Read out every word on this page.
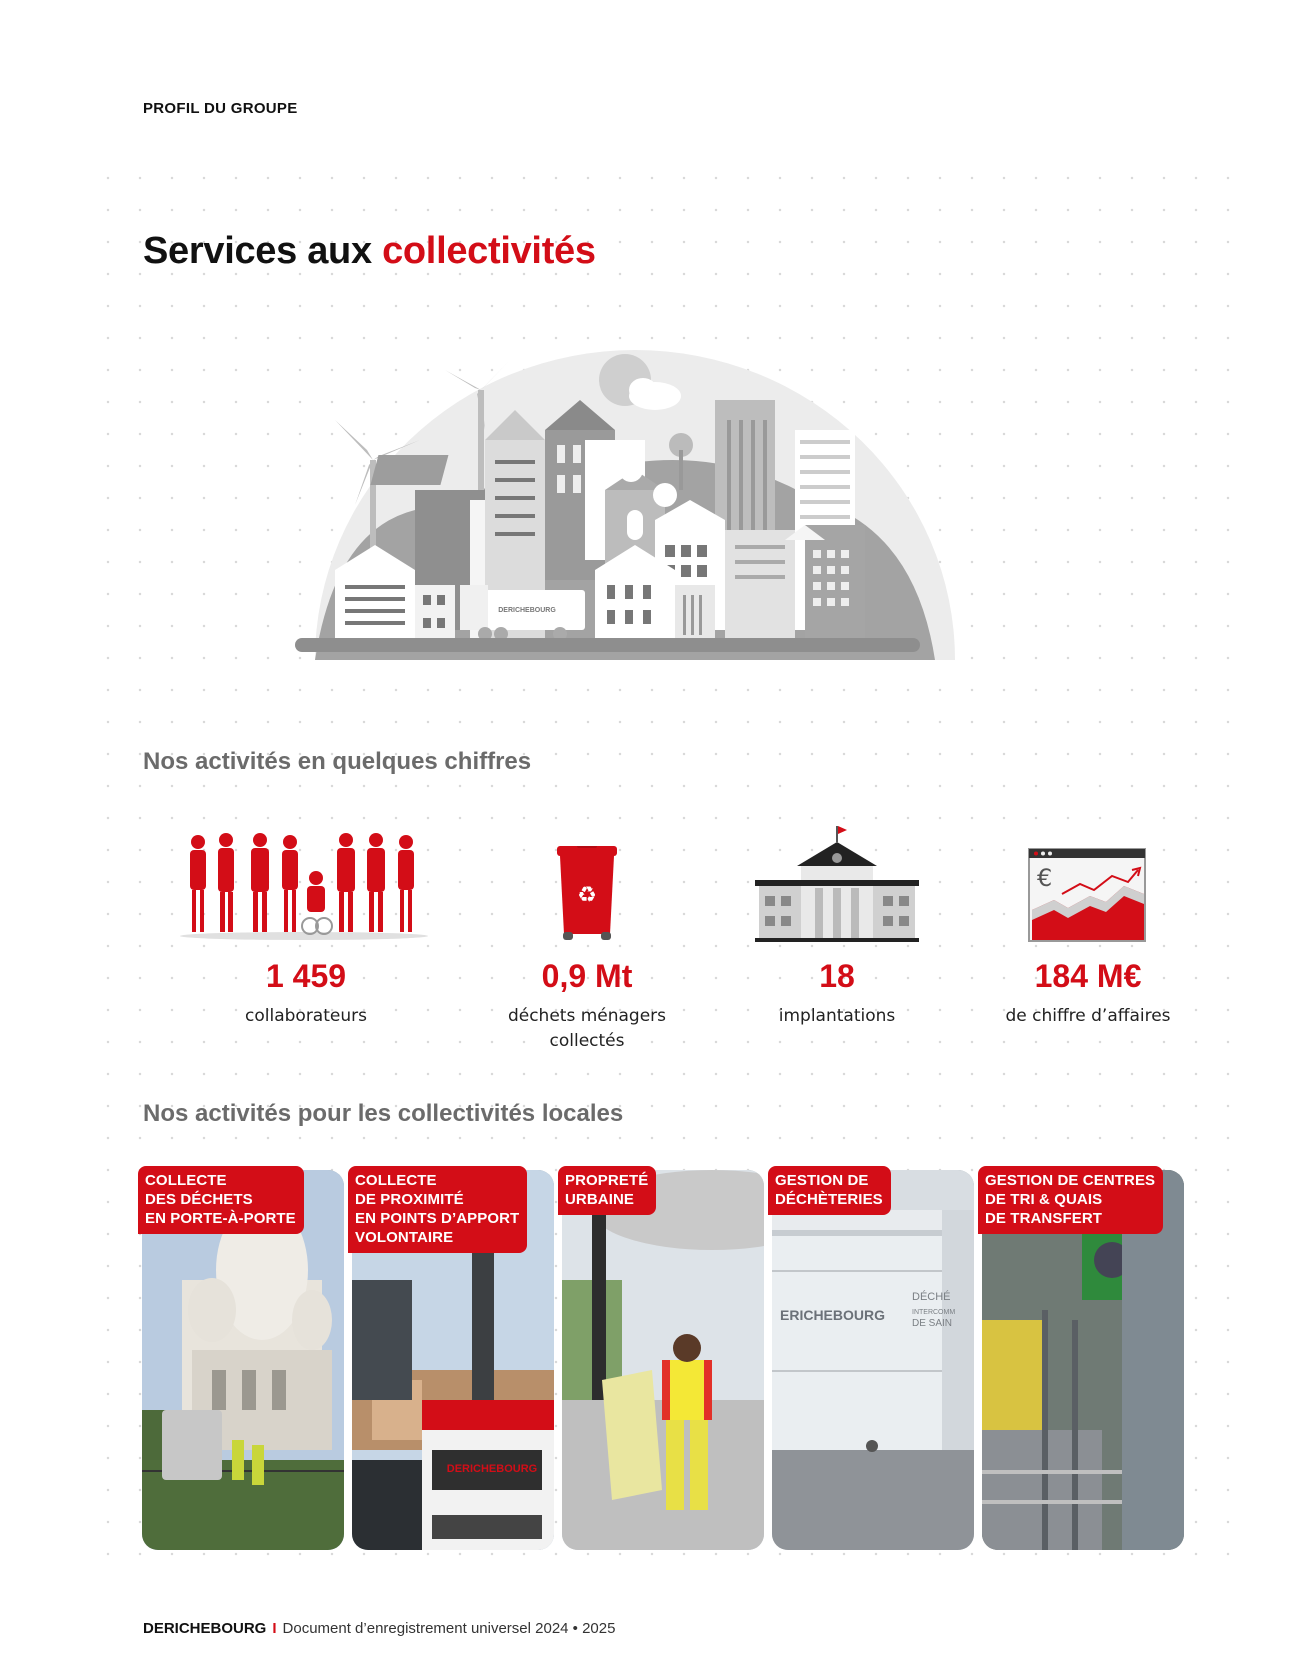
PROFIL DU GROUPE
Services aux collectivités
DERICHEBOURG
Nos activités en quelques chiffres
♻
€
1 459
collaborateurs
0,9 Mt
déchets ménagers
collectés
18
implantations
184 M€
de chiffre d’affaires
Nos activités pour les collectivités locales
COLLECTE
DES DÉCHETS
EN PORTE-À-PORTE
DERICHEBOURG
COLLECTE
DE PROXIMITÉ
EN POINTS D’APPORT
VOLONTAIRE
PROPRETÉ
URBAINE
ERICHEBOURG
DÉCHÉ
INTERCOMM
DE SAIN
GESTION DE
DÉCHÈTERIES
GESTION DE CENTRES
DE TRI & QUAIS
DE TRANSFERT
DERICHEBOURG I Document d’enregistrement universel 2024 • 2025
